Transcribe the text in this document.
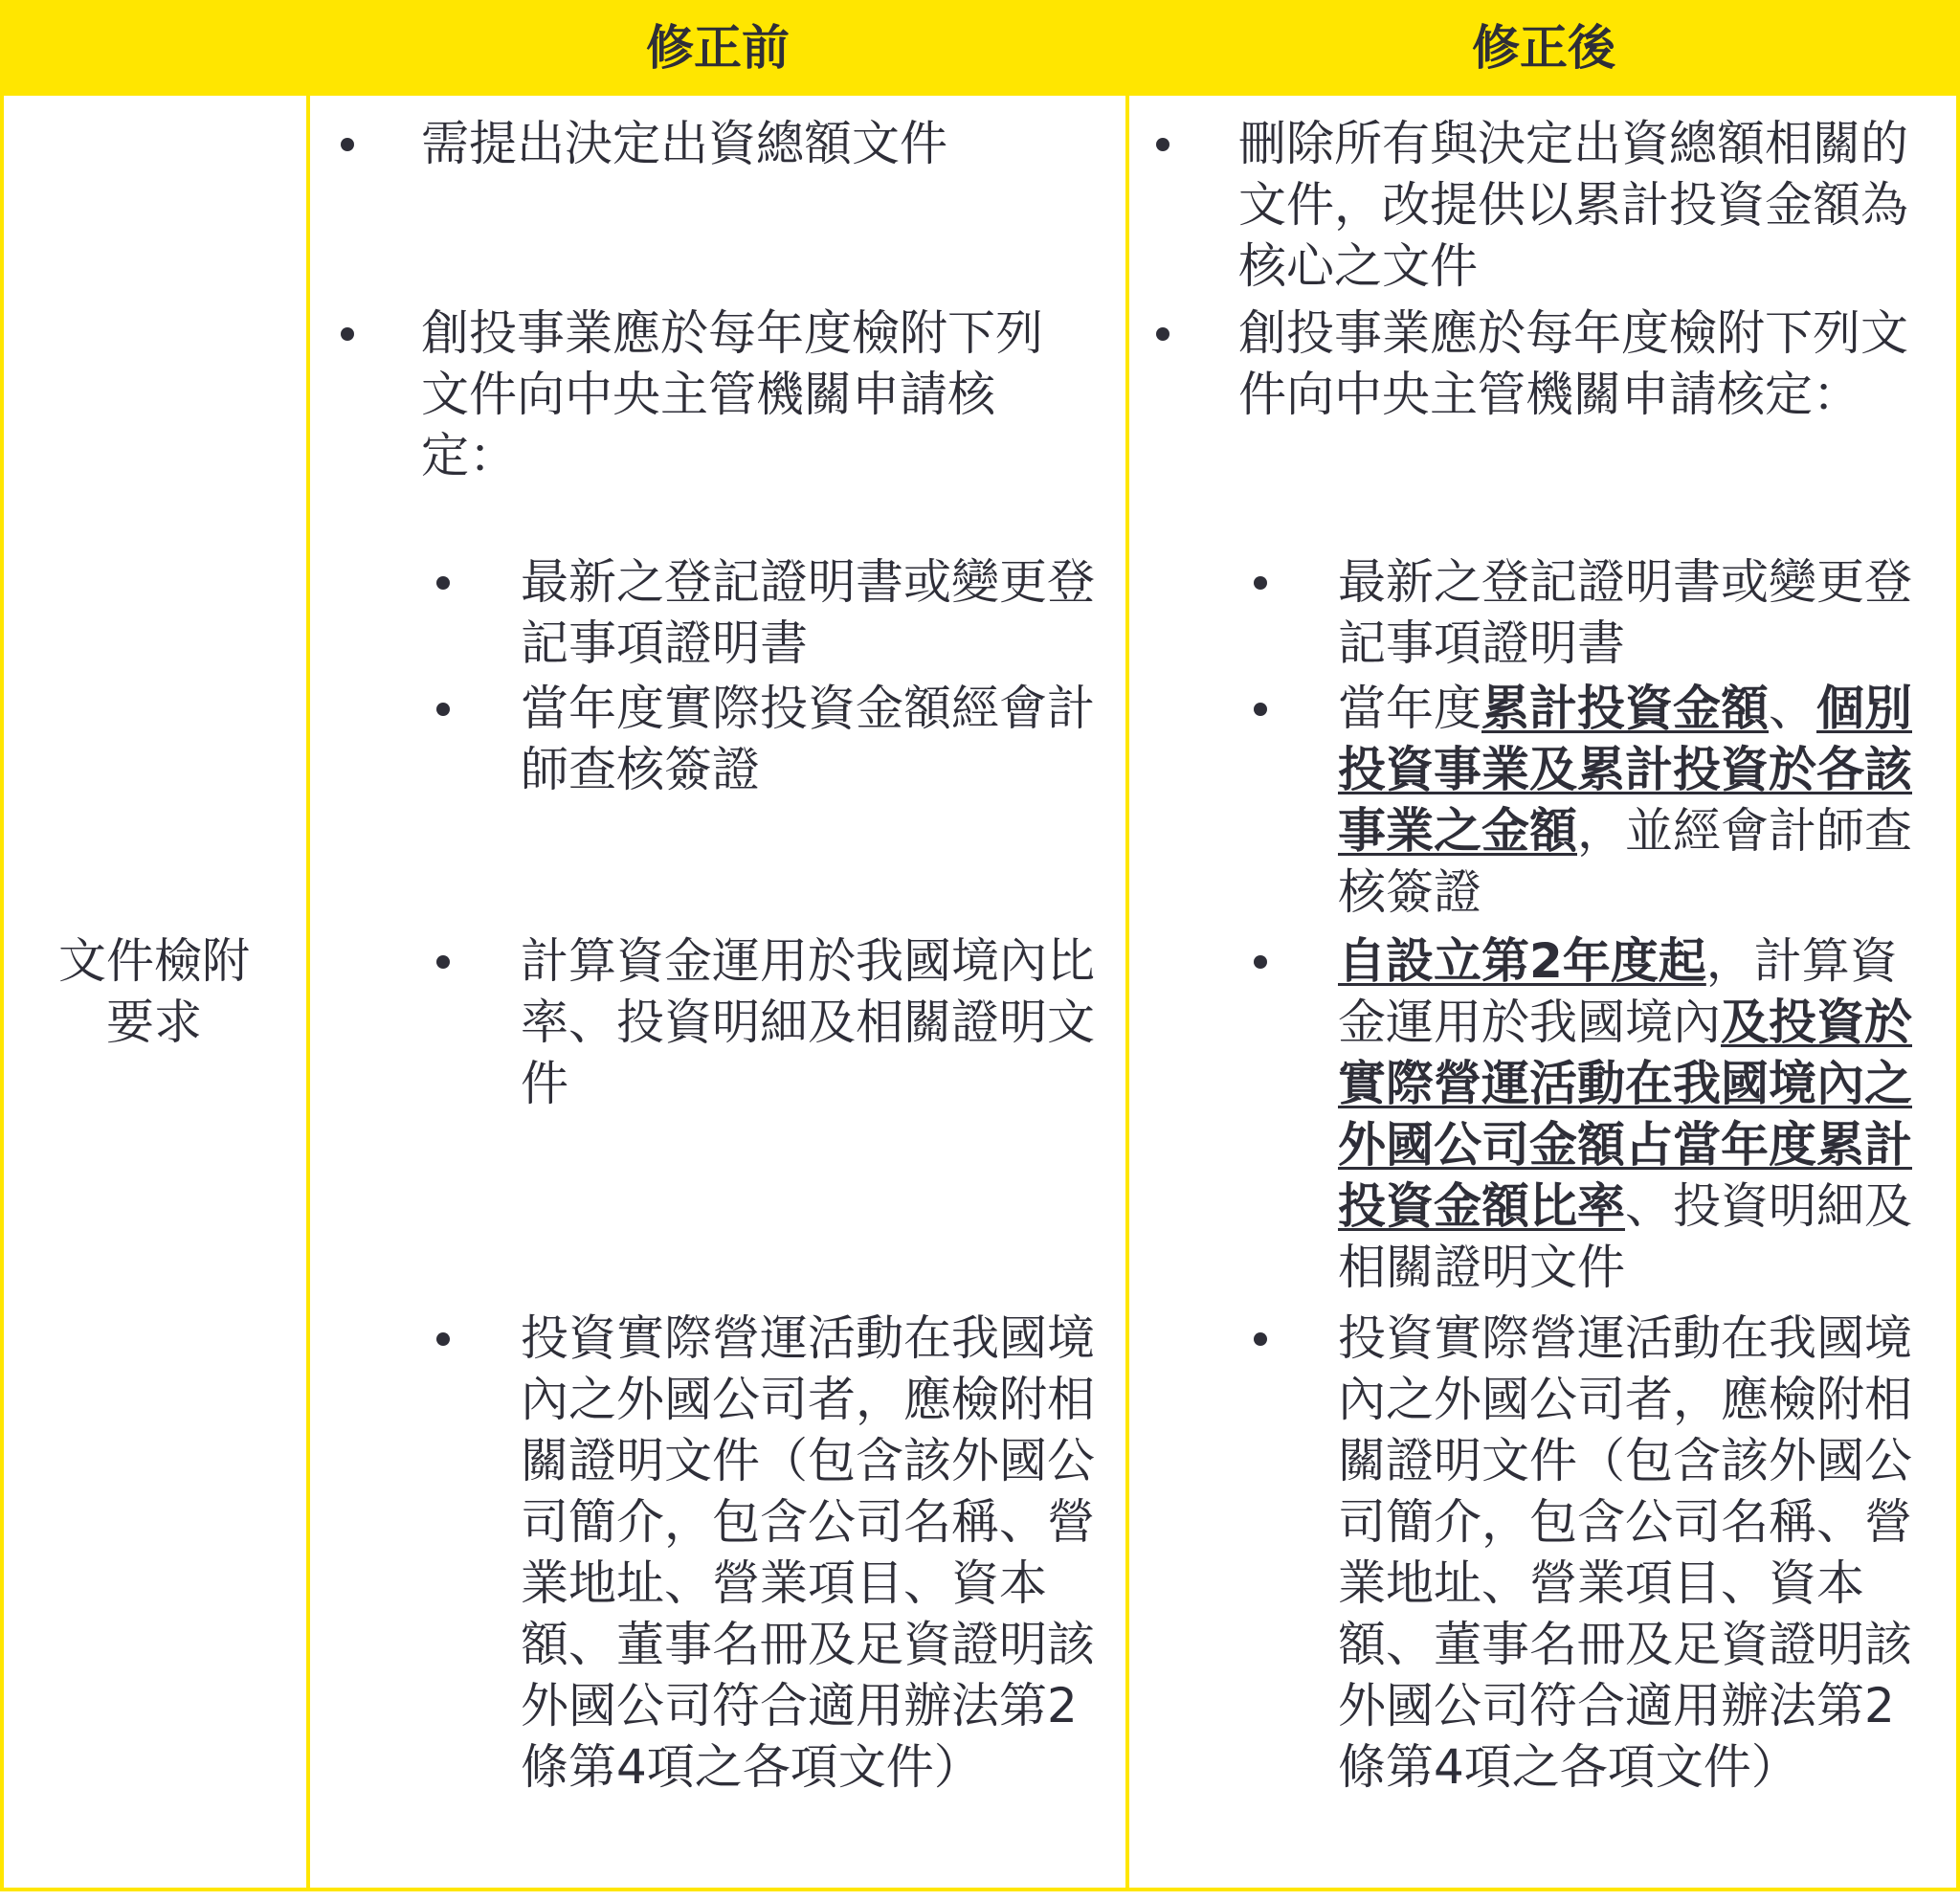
修正前	修正後
文件檢附要求
需提出決定出資總額文件
創投事業應於每年度檢附下列文件向中央主管機關申請核定：
最新之登記證明書或變更登記事項證明書
當年度實際投資金額經會計師查核簽證
計算資金運用於我國境內比率、投資明細及相關證明文件
投資實際營運活動在我國境內之外國公司者，應檢附相關證明文件（包含該外國公司簡介，包含公司名稱、營業地址、營業項目、資本額、董事名冊及足資證明該外國公司符合適用辦法第2條第4項之各項文件）
刪除所有與決定出資總額相關的文件，改提供以累計投資金額為核心之文件
創投事業應於每年度檢附下列文件向中央主管機關申請核定：
最新之登記證明書或變更登記事項證明書
當年度累計投資金額、個別投資事業及累計投資於各該事業之金額，並經會計師查核簽證
自設立第2年度起，計算資金運用於我國境內及投資於實際營運活動在我國境內之外國公司金額占當年度累計投資金額比率、投資明細及相關證明文件
投資實際營運活動在我國境內之外國公司者，應檢附相關證明文件（包含該外國公司簡介，包含公司名稱、營業地址、營業項目、資本額、董事名冊及足資證明該外國公司符合適用辦法第2條第4項之各項文件）
